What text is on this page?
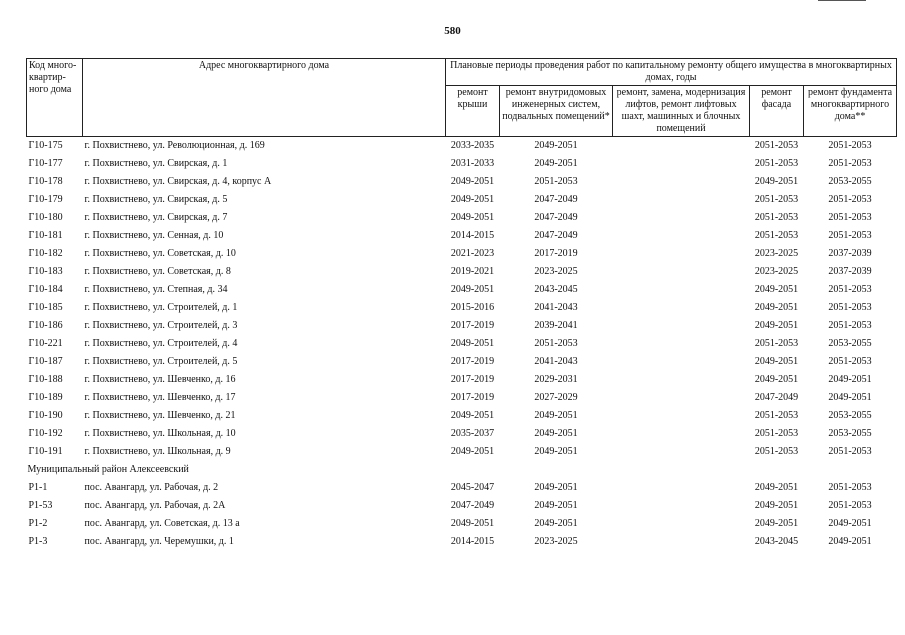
580
Код много-квартир-ного дома	Адрес многоквартирного дома	Плановые периоды проведения работ по капитальному ремонту общего имущества в многоквартирных домах, годы				
		ремонт крыши	ремонт внутридомовых инженерных систем, подвальных помещений*	ремонт, замена, модернизация лифтов, ремонт лифтовых шахт, машинных и блочных помещений	ремонт фасада	ремонт фундамента многоквартирного дома**
Г10-175	г. Похвистнево, ул. Революционная, д. 169	2033-2035	2049-2051		2051-2053	2051-2053
Г10-177	г. Похвистнево, ул. Свирская, д. 1	2031-2033	2049-2051		2051-2053	2051-2053
Г10-178	г. Похвистнево, ул. Свирская, д. 4, корпус А	2049-2051	2051-2053		2049-2051	2053-2055
Г10-179	г. Похвистнево, ул. Свирская, д. 5	2049-2051	2047-2049		2051-2053	2051-2053
Г10-180	г. Похвистнево, ул. Свирская, д. 7	2049-2051	2047-2049		2051-2053	2051-2053
Г10-181	г. Похвистнево, ул. Сенная, д. 10	2014-2015	2047-2049		2051-2053	2051-2053
Г10-182	г. Похвистнево, ул. Советская, д. 10	2021-2023	2017-2019		2023-2025	2037-2039
Г10-183	г. Похвистнево, ул. Советская, д. 8	2019-2021	2023-2025		2023-2025	2037-2039
Г10-184	г. Похвистнево, ул. Степная, д. 34	2049-2051	2043-2045		2049-2051	2051-2053
Г10-185	г. Похвистнево, ул. Строителей, д. 1	2015-2016	2041-2043		2049-2051	2051-2053
Г10-186	г. Похвистнево, ул. Строителей, д. 3	2017-2019	2039-2041		2049-2051	2051-2053
Г10-221	г. Похвистнево, ул. Строителей, д. 4	2049-2051	2051-2053		2051-2053	2053-2055
Г10-187	г. Похвистнево, ул. Строителей, д. 5	2017-2019	2041-2043		2049-2051	2051-2053
Г10-188	г. Похвистнево, ул. Шевченко, д. 16	2017-2019	2029-2031		2049-2051	2049-2051
Г10-189	г. Похвистнево, ул. Шевченко, д. 17	2017-2019	2027-2029		2047-2049	2049-2051
Г10-190	г. Похвистнево, ул. Шевченко, д. 21	2049-2051	2049-2051		2051-2053	2053-2055
Г10-192	г. Похвистнево, ул. Школьная, д. 10	2035-2037	2049-2051		2051-2053	2053-2055
Г10-191	г. Похвистнево, ул. Школьная, д. 9	2049-2051	2049-2051		2051-2053	2051-2053
Муниципальный район Алексеевский						
Р1-1	пос. Авангард, ул. Рабочая, д. 2	2045-2047	2049-2051		2049-2051	2051-2053
Р1-53	пос. Авангард, ул. Рабочая, д. 2А	2047-2049	2049-2051		2049-2051	2051-2053
Р1-2	пос. Авангард, ул. Советская, д. 13 а	2049-2051	2049-2051		2049-2051	2049-2051
Р1-3	пос. Авангард, ул. Черемушки, д. 1	2014-2015	2023-2025		2043-2045	2049-2051
